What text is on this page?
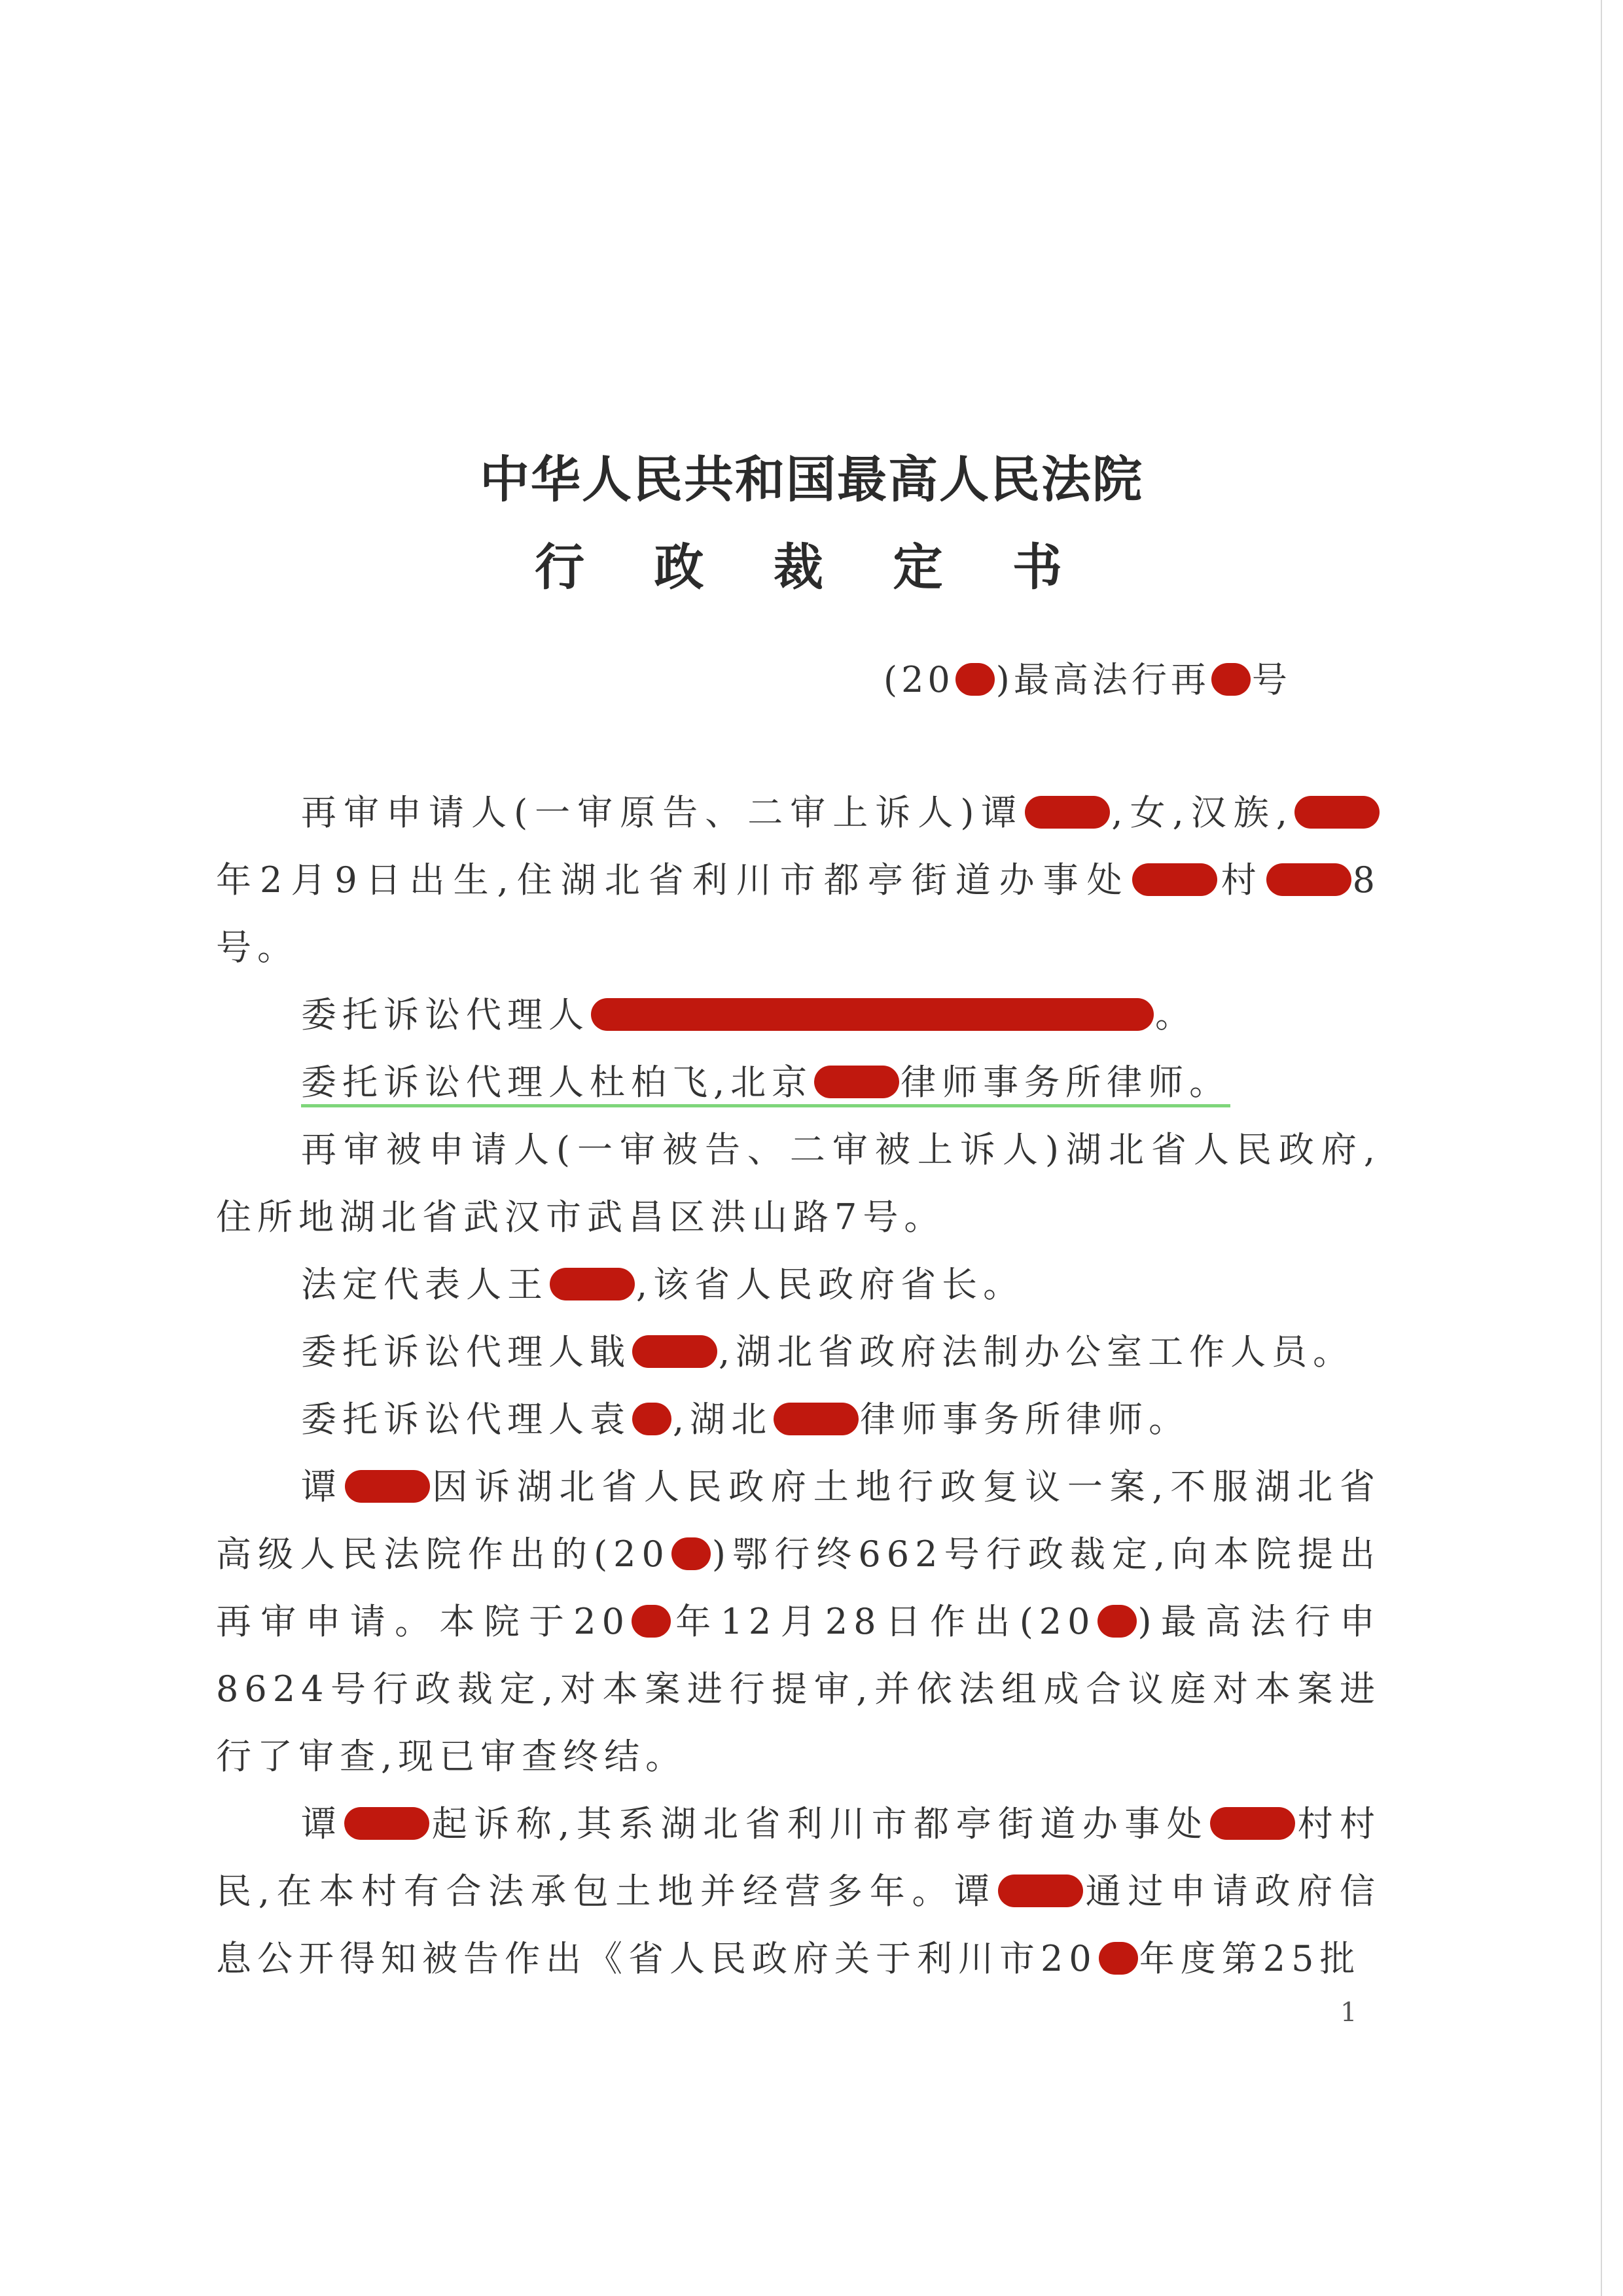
中华人民共和国最高人民法院
行 政 裁 定 书
(20 )最高法行再 号

再审申请人(一审原告、二审上诉人)谭 ,女,汉族,年2月9日出生,住湖北省利川市都亭街道办事处 村 8号。

委托诉讼代理人	。

委托诉讼代理人杜柏飞,北京 律师事务所律师。

再审被申请人(一审被告、二审被上诉人)湖北省人民政府,住所地湖北省武汉市武昌区洪山路7号。

法定代表人王 ,该省人民政府省长。

委托诉讼代理人戢 ,湖北省政府法制办公室工作人员。

委托诉讼代理人袁 ,湖北 律师事务所律师。

谭 因诉湖北省人民政府土地行政复议一案,不服湖北省高级人民法院作出的(20 )鄂行终662号行政裁定,向本院提出再审申请。本院于20 年12月28日作出(20 )最高法行申8624号行政裁定,对本案进行提审,并依法组成合议庭对本案进行了审查,现已审查终结。

谭 起诉称,其系湖北省利川市都亭街道办事处 村村民,在本村有合法承包土地并经营多年。谭 通过申请政府信息公开得知被告作出《省人民政府关于利川市20 年度第25批

1
